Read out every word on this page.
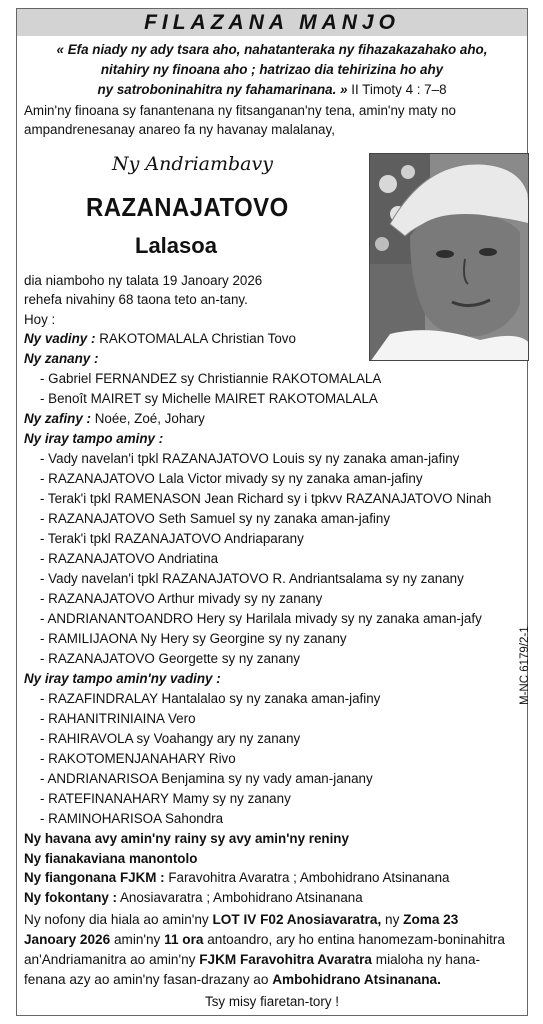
FILAZANA MANJO
« Efa niady ny ady tsara aho, nahatanteraka ny fihazakazahako aho,
nitahiry ny finoana aho ; hatrizao dia tehirizina ho ahy
ny satroboninahitra ny fahamarinana. » II Timoty 4 : 7–8
Amin'ny finoana sy fanantenana ny fitsanganan'ny tena, amin'ny maty no
ampandrenesanay anareo fa ny havanay malalanay,
Ny Andriambavy
RAZANAJATOVO
Lalasoa
dia niamboho ny talata 19 Janoary 2026
rehefa nivahiny 68 taona teto an-tany.
Hoy :
Ny vadiny : RAKOTOMALALA Christian Tovo
Ny zanany :
- Gabriel FERNANDEZ sy Christiannie RAKOTOMALALA
- Benoît MAIRET sy Michelle MAIRET RAKOTOMALALA
Ny zafiny : Noée, Zoé, Johary
Ny iray tampo aminy :
- Vady navelan'i tpkl RAZANAJATOVO Louis sy ny zanaka aman-jafiny
- RAZANAJATOVO Lala Victor mivady sy ny zanaka aman-jafiny
- Terak'i tpkl RAMENASON Jean Richard sy i tpkvv RAZANAJATOVO Ninah
- RAZANAJATOVO Seth Samuel sy ny zanaka aman-jafiny
- Terak'i tpkl RAZANAJATOVO Andriaparany
- RAZANAJATOVO Andriatina
- Vady navelan'i tpkl RAZANAJATOVO R. Andriantsalama sy ny zanany
- RAZANAJATOVO Arthur mivady sy ny zanany
- ANDRIANANTOANDRO Hery sy Harilala mivady sy ny zanaka aman-jafy
- RAMILIJAONA Ny Hery sy Georgine sy ny zanany
- RAZANAJATOVO Georgette sy ny zanany
Ny iray tampo amin'ny vadiny :
- RAZAFINDRALAY Hantalalao sy ny zanaka aman-jafiny
- RAHANITRINIAINA Vero
- RAHIRAVOLA sy Voahangy ary ny zanany
- RAKOTOMENJANAHARY Rivo
- ANDRIANARISOA Benjamina sy ny vady aman-janany
- RATEFINANAHARY Mamy sy ny zanany
- RAMINOHARISOA Sahondra
Ny havana avy amin'ny rainy sy avy amin'ny reniny
Ny fianakaviana manontolo
Ny fiangonana FJKM : Faravohitra Avaratra ; Ambohidrano Atsinanana
Ny fokontany : Anosiavaratra ; Ambohidrano Atsinanana
Ny nofony dia hiala ao amin'ny LOT IV F02 Anosiavaratra, ny Zoma 23
Janoary 2026 amin'ny 11 ora antoandro, ary ho entina hanomezam-boninahitra
an'Andriamanitra ao amin'ny FJKM Faravohitra Avaratra mialoha ny hana-
fenana azy ao amin'ny fasan-drazany ao Ambohidrano Atsinanana.
Tsy misy fiaretan-tory !
M-NC 6179/2-1
